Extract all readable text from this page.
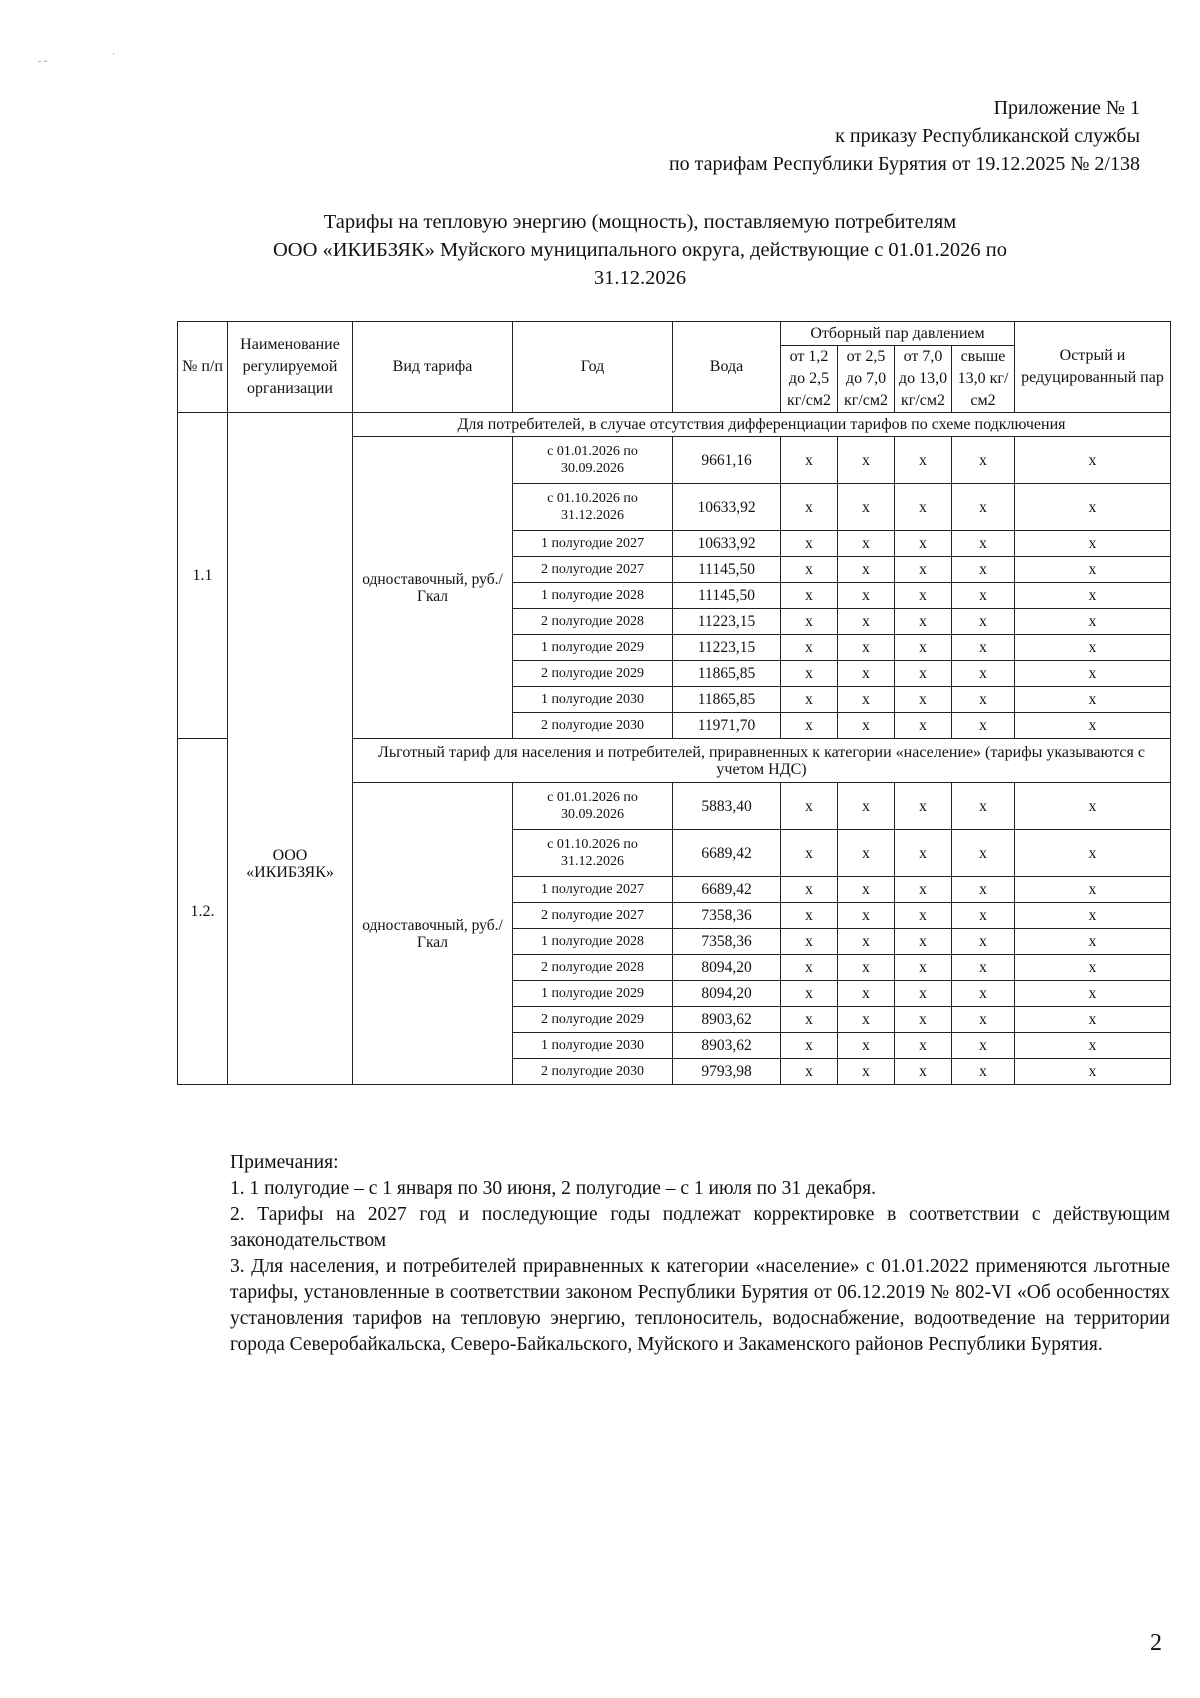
˜ ˆ
ˈ
Приложение № 1
к приказу Республиканской службы
по тарифам Республики Бурятия от 19.12.2025 № 2/138
Тарифы на тепловую энергию (мощность), поставляемую потребителям
ООО «ИКИБЗЯК» Муйского муниципального округа, действующие с 01.01.2026 по
31.12.2026
№ п/п	Наименование регулируемой организации	Вид тарифа	Год	Вода	Отборный пар давлением				Острый и редуцированный пар
					от 1,2 до 2,5 кг/см2	от 2,5 до 7,0 кг/см2	от 7,0 до 13,0 кг/см2	свыше 13,0 кг/см2	
1.1	ООО «ИКИБЗЯК»	Для потребителей, в случае отсутствия дифференциации тарифов по схеме подключения							
		одноставочный, руб./Гкал	с 01.01.2026 по 30.09.2026	9661,16	x	x	x	x	x
			с 01.10.2026 по 31.12.2026	10633,92	x	x	x	x	x
			1 полугодие 2027	10633,92	x	x	x	x	x
			2 полугодие 2027	11145,50	x	x	x	x	x
			1 полугодие 2028	11145,50	x	x	x	x	x
			2 полугодие 2028	11223,15	x	x	x	x	x
			1 полугодие 2029	11223,15	x	x	x	x	x
			2 полугодие 2029	11865,85	x	x	x	x	x
			1 полугодие 2030	11865,85	x	x	x	x	x
			2 полугодие 2030	11971,70	x	x	x	x	x
1.2.		Льготный тариф для населения и потребителей, приравненных к категории «население» (тарифы указываются с учетом НДС)							
		одноставочный, руб./Гкал	с 01.01.2026 по 30.09.2026	5883,40	x	x	x	x	x
			с 01.10.2026 по 31.12.2026	6689,42	x	x	x	x	x
			1 полугодие 2027	6689,42	x	x	x	x	x
			2 полугодие 2027	7358,36	x	x	x	x	x
			1 полугодие 2028	7358,36	x	x	x	x	x
			2 полугодие 2028	8094,20	x	x	x	x	x
			1 полугодие 2029	8094,20	x	x	x	x	x
			2 полугодие 2029	8903,62	x	x	x	x	x
			1 полугодие 2030	8903,62	x	x	x	x	x
			2 полугодие 2030	9793,98	x	x	x	x	x

Примечания:

1. 1 полугодие – с 1 января по 30 июня, 2 полугодие – с 1 июля по 31 декабря.

2. Тарифы на 2027 год и последующие годы подлежат корректировке в соответствии с действующим законодательством

3. Для населения, и потребителей приравненных к категории «население» с 01.01.2022 применяются льготные тарифы, установленные в соответствии законом Республики Бурятия от 06.12.2019 № 802-VI «Об особенностях установления тарифов на тепловую энергию, теплоноситель, водоснабжение, водоотведение на территории города Северобайкальска, Северо-Байкальского, Муйского и Закаменского районов Республики Бурятия.

2
